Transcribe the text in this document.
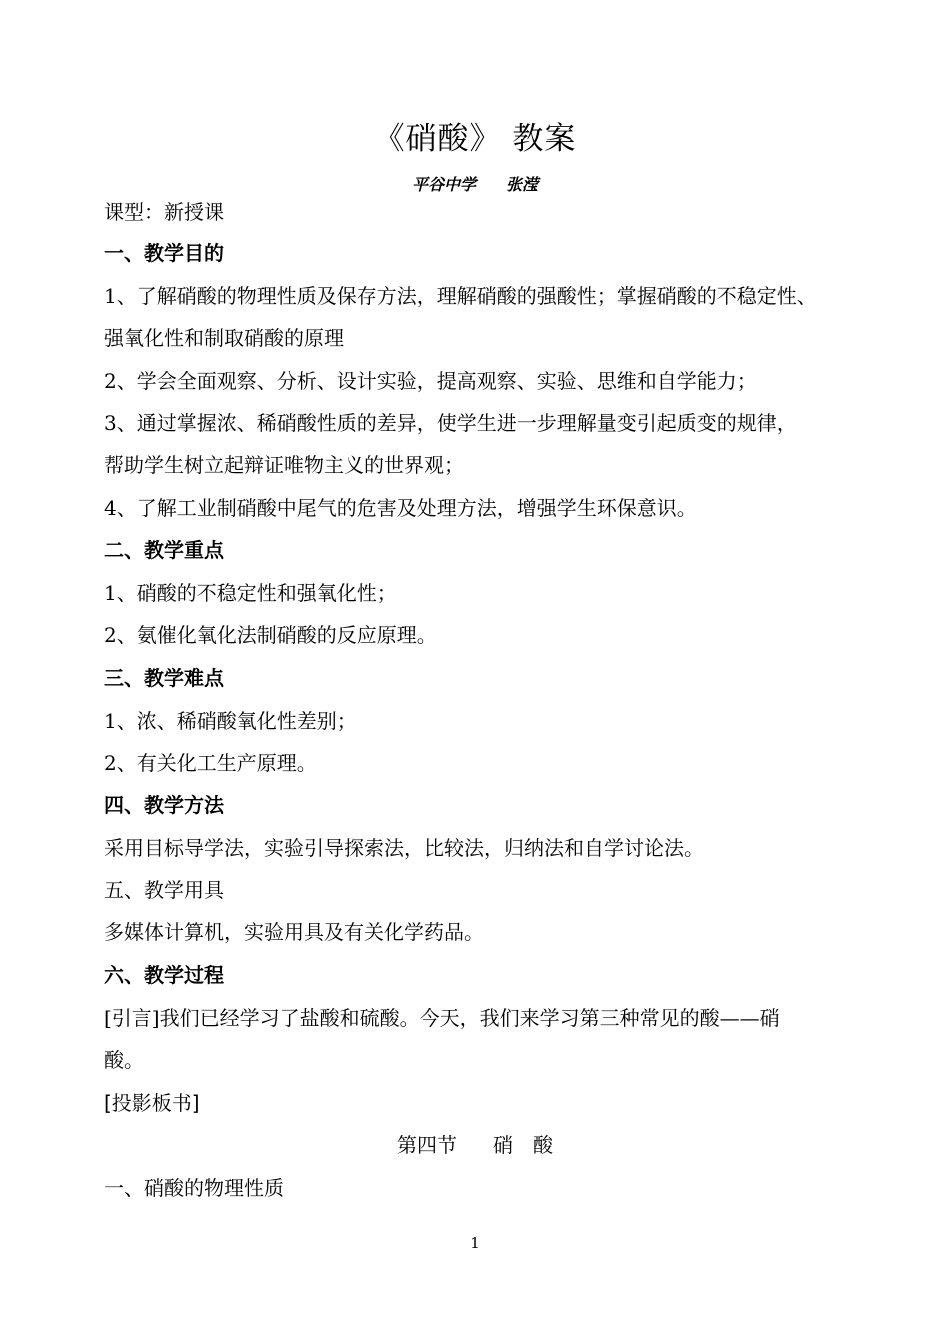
《硝酸》 教案
平谷中学 张滢
课型：新授课
一、教学目的
1、了解硝酸的物理性质及保存方法，理解硝酸的强酸性；掌握硝酸的不稳定性、
强氧化性和制取硝酸的原理
2、学会全面观察、分析、设计实验，提高观察、实验、思维和自学能力；
3、通过掌握浓、稀硝酸性质的差异，使学生进一步理解量变引起质变的规律，
帮助学生树立起辩证唯物主义的世界观；
4、了解工业制硝酸中尾气的危害及处理方法，增强学生环保意识。
二、教学重点
1、硝酸的不稳定性和强氧化性；
2、氨催化氧化法制硝酸的反应原理。
三、教学难点
1、浓、稀硝酸氧化性差别；
2、有关化工生产原理。
四、教学方法
采用目标导学法，实验引导探索法，比较法，归纳法和自学讨论法。
五、教学用具
多媒体计算机，实验用具及有关化学药品。
六、教学过程
[引言]我们已经学习了盐酸和硫酸。今天，我们来学习第三种常见的酸——硝
酸。
[投影板书]
第四节 硝　酸
一、硝酸的物理性质
1
